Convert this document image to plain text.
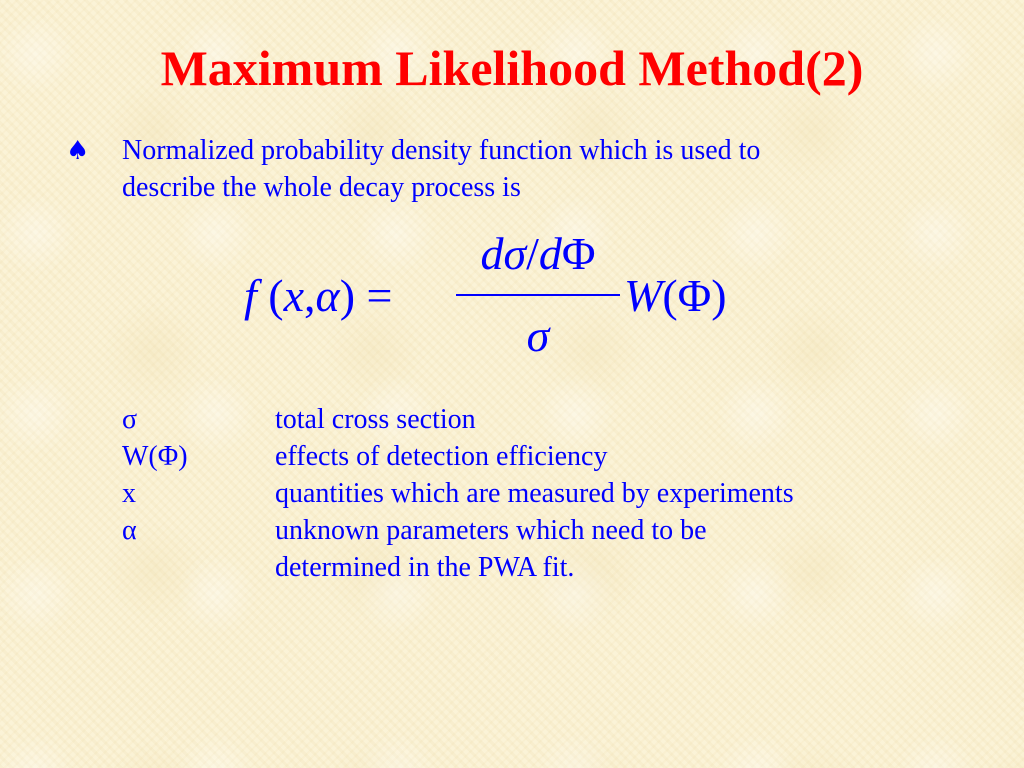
Maximum Likelihood Method(2)
♠ Normalized probability density function which is used to
describe the whole decay process is
f (x,α) =
dσ/dΦ
σ
W(Φ)
σ	total cross section
W(Φ)	effects of detection efficiency
x	quantities which are measured by experiments
α	unknown parameters which need to be
determined in the PWA fit.
